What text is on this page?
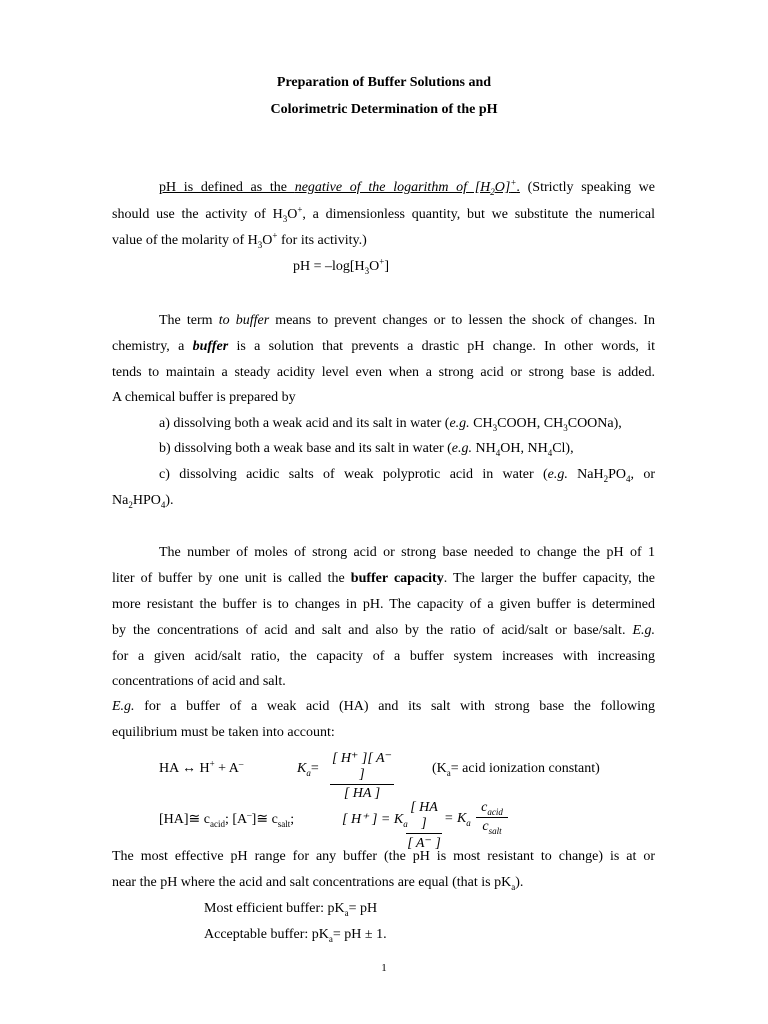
Preparation of Buffer Solutions and
Colorimetric Determination of the pH
pH is defined as the negative of the logarithm of $[H_2O]^+$. (Strictly speaking we
should use the activity of $H_3O^+$, a dimensionless quantity, but we substitute the numerical
value of the molarity of $H_3O^+$ for its activity.)
pH = $-\log[H_3O^+]$
The term to buffer means to prevent changes or to lessen the shock of changes. In
chemistry, a buffer is a solution that prevents a drastic pH change. In other words, it
tends to maintain a steady acidity level even when a strong acid or strong base is added.
A chemical buffer is prepared by
a) dissolving both a weak acid and its salt in water (e.g. $CH_3COOH$, $CH_3COONa$),
b) dissolving both a weak base and its salt in water (e.g. $NH_4OH$, $NH_4Cl$),
c) dissolving acidic salts of weak polyprotic acid in water (e.g. $NaH_2PO_4$, or
$Na_2HPO_4$).
The number of moles of strong acid or strong base needed to change the pH of 1
liter of buffer by one unit is called the buffer capacity. The larger the buffer capacity, the
more resistant the buffer is to changes in pH. The capacity of a given buffer is determined
by the concentrations of acid and salt and also by the ratio of acid/salt or base/salt. E.g.
for a given acid/salt ratio, the capacity of a buffer system increases with increasing
concentrations of acid and salt.
E.g. for a buffer of a weak acid (HA) and its salt with strong base the following
equilibrium must be taken into account:
HA ↔ H+ + A–	$K_a=$
[ H⁺ ][ A⁻ ]
[ HA ]
($K_a=$ acid ionization constant)
[HA]≅ $c_{acid}$; [A–]≅ $c_{salt}$;	[ H⁺ ] = $K_a$
[ HA ]
[ A⁻ ]
= $K_a$
$c_{acid}$
$c_{salt}$
The most effective pH range for any buffer (the pH is most resistant to change) is at or
near the pH where the acid and salt concentrations are equal (that is $pK_a$).
Most efficient buffer: $pK_a=$ pH
Acceptable buffer: $pK_a=$ pH ± 1.
1
